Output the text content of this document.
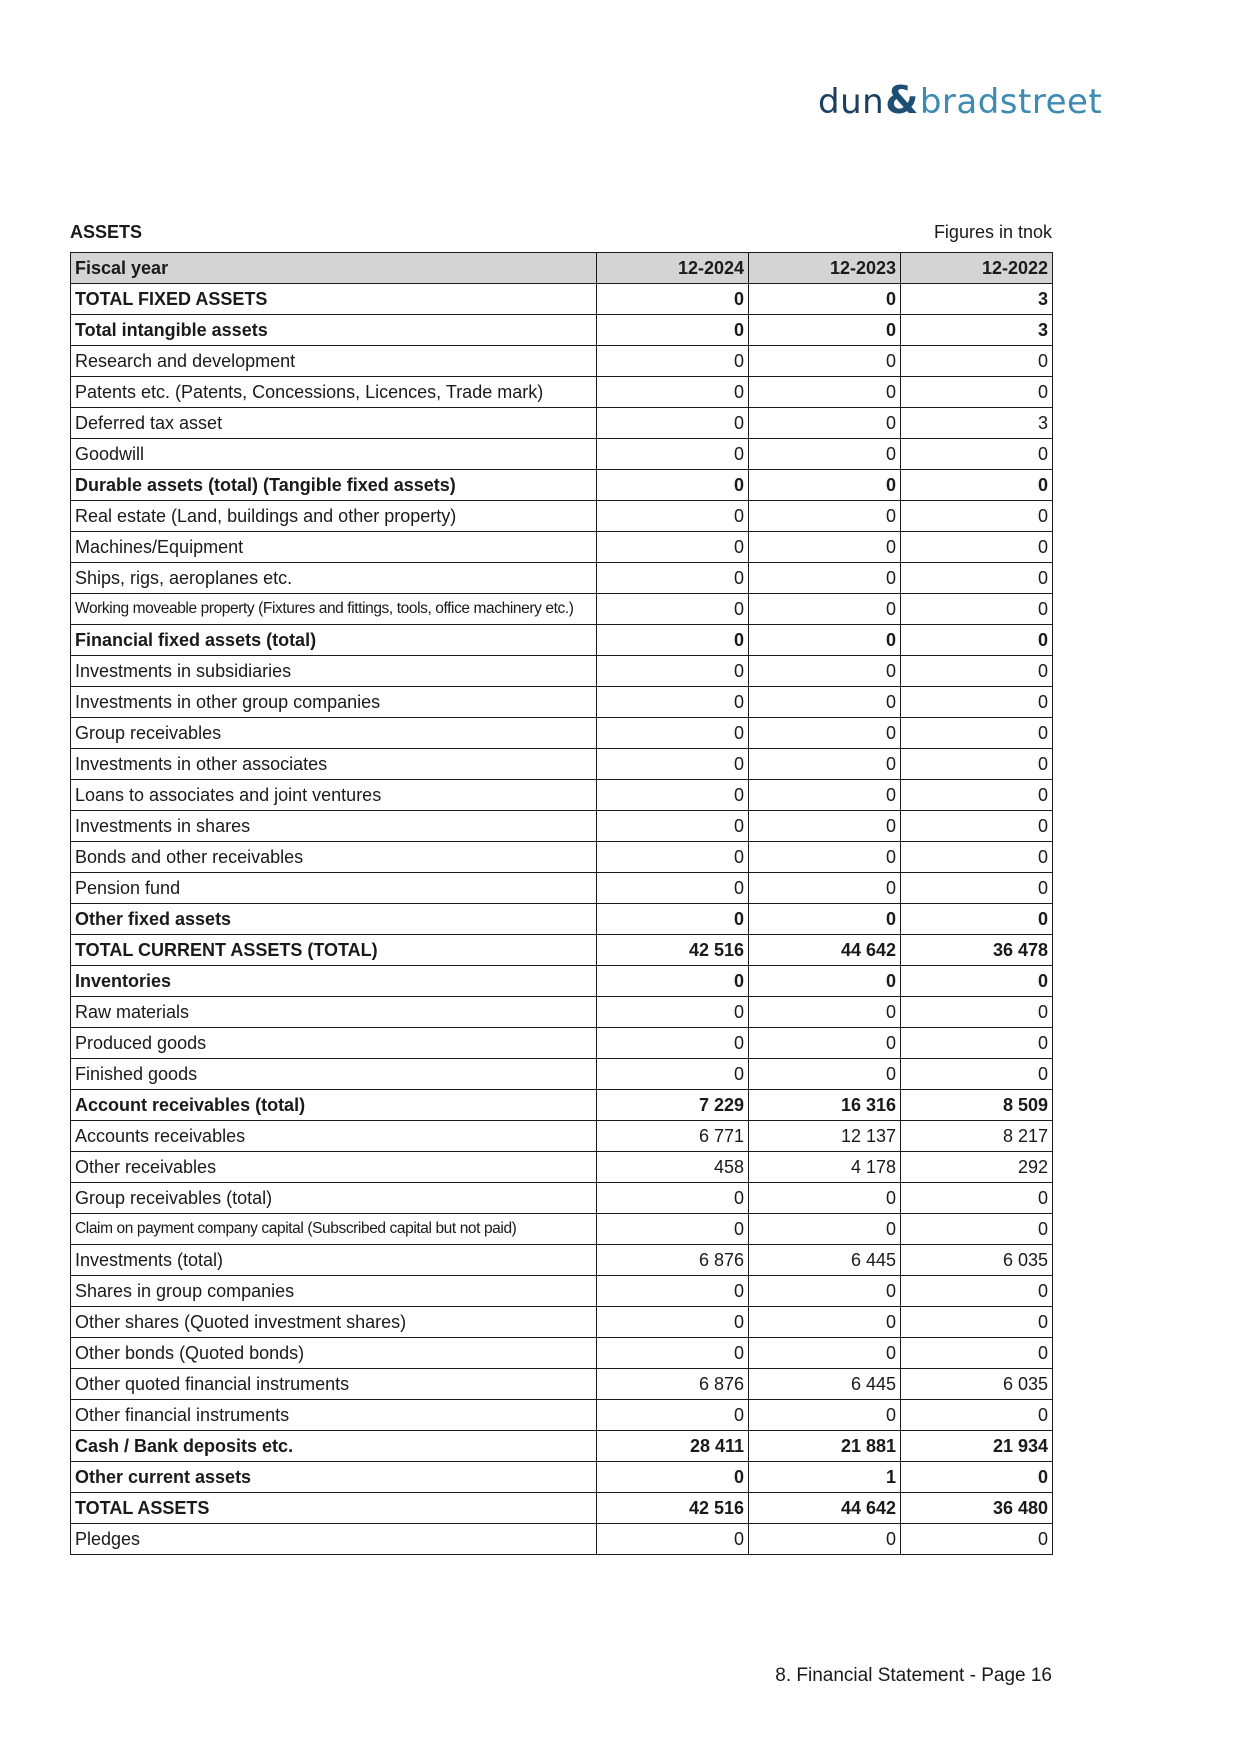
dun&bradstreet
ASSETS	Figures in tnok
Fiscal year	12-2024	12-2023	12-2022
TOTAL FIXED ASSETS	0	0	3
Total intangible assets	0	0	3
Research and development	0	0	0
Patents etc. (Patents, Concessions, Licences, Trade mark)	0	0	0
Deferred tax asset	0	0	3
Goodwill	0	0	0
Durable assets (total) (Tangible fixed assets)	0	0	0
Real estate (Land, buildings and other property)	0	0	0
Machines/Equipment	0	0	0
Ships, rigs, aeroplanes etc.	0	0	0
Working moveable property (Fixtures and fittings, tools, office machinery etc.)	0	0	0
Financial fixed assets (total)	0	0	0
Investments in subsidiaries	0	0	0
Investments in other group companies	0	0	0
Group receivables	0	0	0
Investments in other associates	0	0	0
Loans to associates and joint ventures	0	0	0
Investments in shares	0	0	0
Bonds and other receivables	0	0	0
Pension fund	0	0	0
Other fixed assets	0	0	0
TOTAL CURRENT ASSETS (TOTAL)	42 516	44 642	36 478
Inventories	0	0	0
Raw materials	0	0	0
Produced goods	0	0	0
Finished goods	0	0	0
Account receivables (total)	7 229	16 316	8 509
Accounts receivables	6 771	12 137	8 217
Other receivables	458	4 178	292
Group receivables (total)	0	0	0
Claim on payment company capital (Subscribed capital but not paid)	0	0	0
Investments (total)	6 876	6 445	6 035
Shares in group companies	0	0	0
Other shares (Quoted investment shares)	0	0	0
Other bonds (Quoted bonds)	0	0	0
Other quoted financial instruments	6 876	6 445	6 035
Other financial instruments	0	0	0
Cash / Bank deposits etc.	28 411	21 881	21 934
Other current assets	0	1	0
TOTAL ASSETS	42 516	44 642	36 480
Pledges	0	0	0
8. Financial Statement - Page 16
